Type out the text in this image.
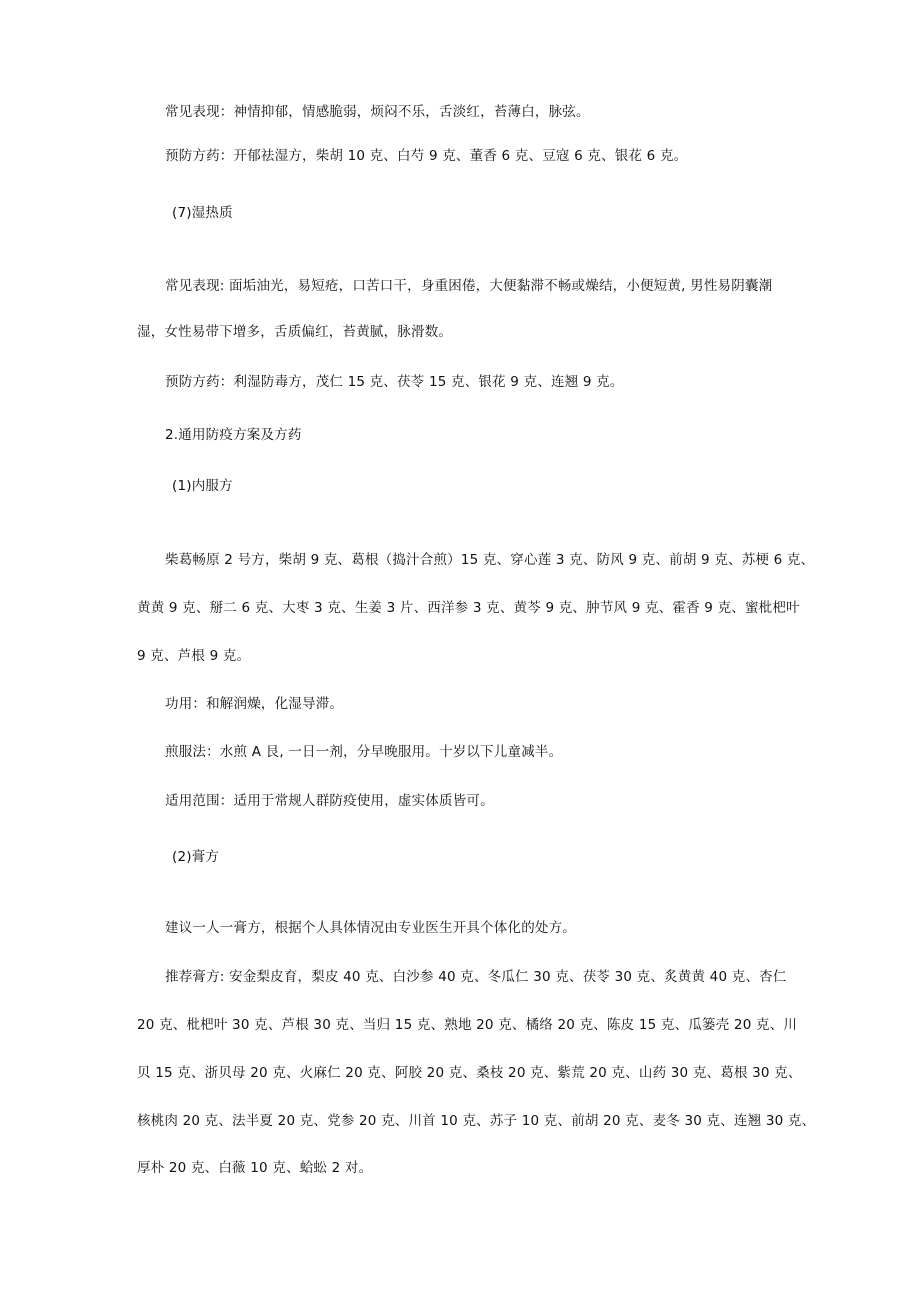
常见表现：神情抑郁，情感脆弱，烦闷不乐，舌淡红，苔薄白，脉弦。
预防方药：开郁祛湿方，柴胡 10 克、白芍 9 克、董香 6 克、豆寇 6 克、银花 6 克。
(7)湿热质
常见表现: 面垢油光，易短疮，口苦口干，身重困倦，大便黏滞不畅或燥结，小便短黄, 男性易阴囊潮
湿，女性易带下增多，舌质偏红，苔黄腻，脉滑数。
预防方药：利湿防毒方，茂仁 15 克、茯苓 15 克、银花 9 克、连翘 9 克。
2.通用防疫方案及方药
(1)内服方
柴葛畅原 2 号方，柴胡 9 克、葛根（捣汁合煎）15 克、穿心莲 3 克、防风 9 克、前胡 9 克、苏梗 6 克、
黄黄 9 克、掰二 6 克、大枣 3 克、生姜 3 片、西洋参 3 克、黄芩 9 克、肿节风 9 克、霍香 9 克、蜜枇杷叶
9 克、芦根 9 克。
功用：和解润燥，化湿导滞。
煎服法：水煎 A 艮, 一日一剂，分早晚服用。十岁以下儿童减半。
适用范围：适用于常规人群防疫使用，虚实体质皆可。
(2)膏方
建议一人一膏方，根据个人具体情况由专业医生开具个体化的处方。
推荐膏方: 安金梨皮育，梨皮 40 克、白沙参 40 克、冬瓜仁 30 克、茯苓 30 克、炙黄黄 40 克、杏仁
20 克、枇杷叶 30 克、芦根 30 克、当归 15 克、熟地 20 克、橘络 20 克、陈皮 15 克、瓜篓壳 20 克、川
贝 15 克、浙贝母 20 克、火麻仁 20 克、阿胶 20 克、桑枝 20 克、紫荒 20 克、山药 30 克、葛根 30 克、
核桃肉 20 克、法半夏 20 克、党参 20 克、川首 10 克、苏子 10 克、前胡 20 克、麦冬 30 克、连翘 30 克、
厚朴 20 克、白薇 10 克、蛤蚣 2 对。
